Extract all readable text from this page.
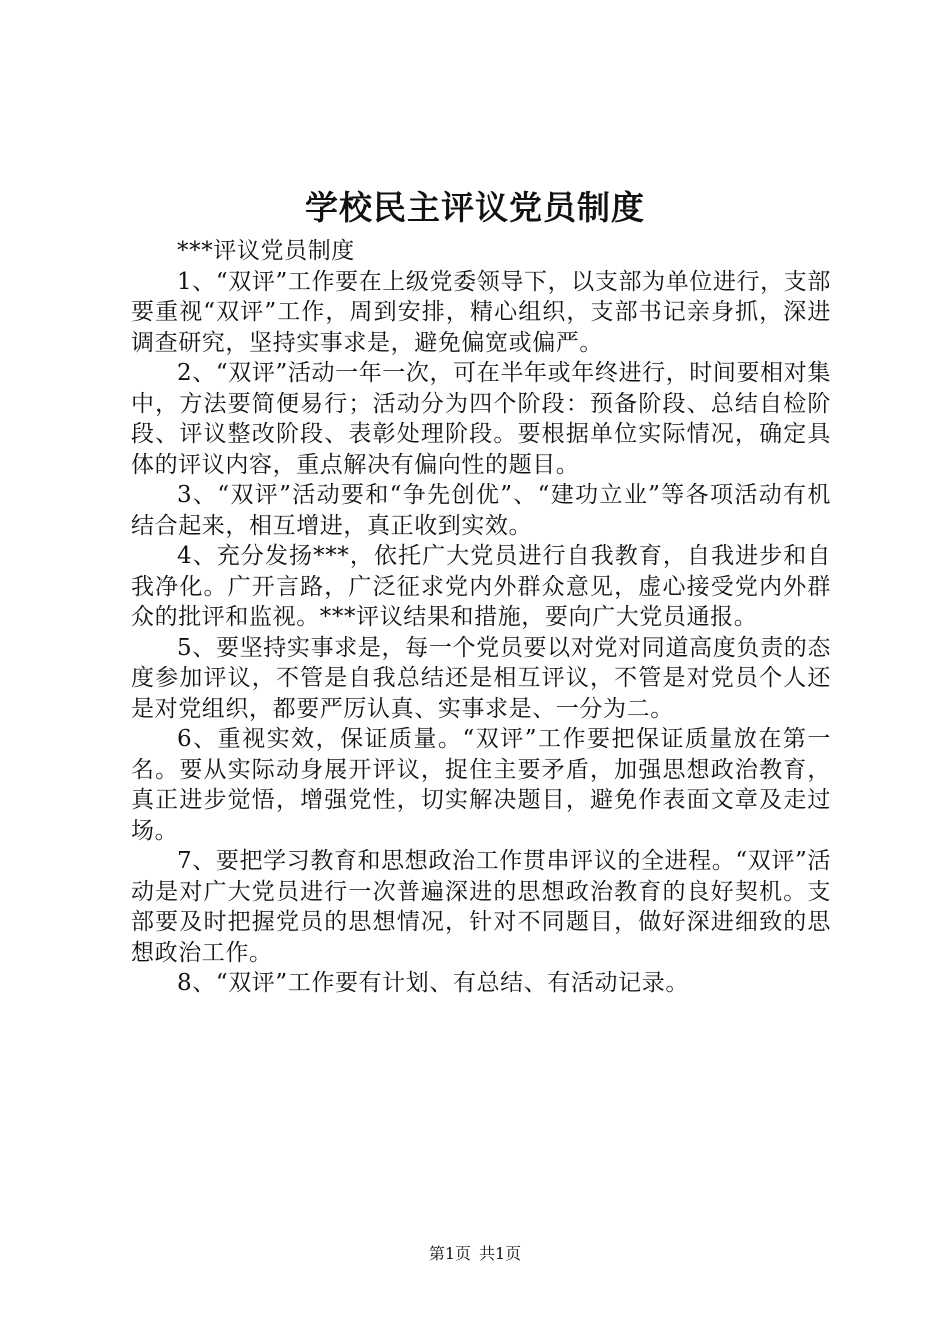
学校民主评议党员制度

***评议党员制度

1、“双评”工作要在上级党委领导下，以支部为单位进行，支部要重视“双评”工作，周到安排，精心组织，支部书记亲身抓，深进调查研究，坚持实事求是，避免偏宽或偏严。

2、“双评”活动一年一次，可在半年或年终进行，时间要相对集中，方法要简便易行；活动分为四个阶段：预备阶段、总结自检阶段、评议整改阶段、表彰处理阶段。要根据单位实际情况，确定具体的评议内容，重点解决有偏向性的题目。

3、“双评”活动要和“争先创优”、“建功立业”等各项活动有机结合起来，相互增进，真正收到实效。

4、充分发扬***，依托广大党员进行自我教育，自我进步和自我净化。广开言路，广泛征求党内外群众意见，虚心接受党内外群众的批评和监视。***评议结果和措施，要向广大党员通报。

5、要坚持实事求是，每一个党员要以对党对同道高度负责的态度参加评议，不管是自我总结还是相互评议，不管是对党员个人还是对党组织，都要严厉认真、实事求是、一分为二。

6、重视实效，保证质量。“双评”工作要把保证质量放在第一名。要从实际动身展开评议，捉住主要矛盾，加强思想政治教育，真正进步觉悟，增强党性，切实解决题目，避免作表面文章及走过场。

7、要把学习教育和思想政治工作贯串评议的全进程。“双评”活动是对广大党员进行一次普遍深进的思想政治教育的良好契机。支部要及时把握党员的思想情况，针对不同题目，做好深进细致的思想政治工作。

8、“双评”工作要有计划、有总结、有活动记录。

第1页 共1页
